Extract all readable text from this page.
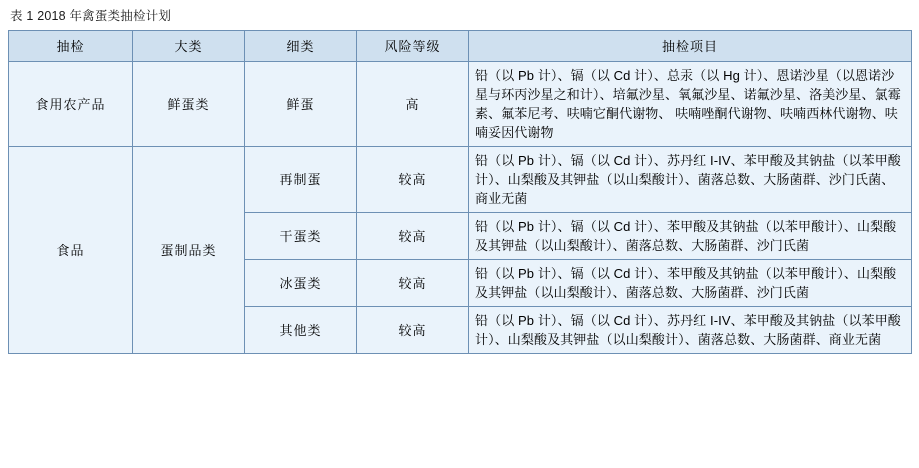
表 1 2018 年禽蛋类抽检计划
抽检	大类	细类	风险等级	抽检项目
食用农产品	鲜蛋类	鲜蛋	高	铅（以 Pb 计）、镉（以 Cd 计）、总汞（以 Hg 计）、恩诺沙星（以恩诺沙星与环丙沙星之和计）、培氟沙星、氧氟沙星、诺氟沙星、洛美沙星、氯霉素、氟苯尼考、呋喃它酮代谢物、 呋喃唑酮代谢物、呋喃西林代谢物、呋喃妥因代谢物
食品	蛋制品类	再制蛋	较高	铅（以 Pb 计）、镉（以 Cd 计）、苏丹红 I-IV、苯甲酸及其钠盐（以苯甲酸计）、山梨酸及其钾盐（以山梨酸计）、菌落总数、大肠菌群、沙门氏菌、商业无菌
		干蛋类	较高	铅（以 Pb 计）、镉（以 Cd 计）、苯甲酸及其钠盐（以苯甲酸计）、山梨酸及其钾盐（以山梨酸计）、菌落总数、大肠菌群、沙门氏菌
		冰蛋类	较高	铅（以 Pb 计）、镉（以 Cd 计）、苯甲酸及其钠盐（以苯甲酸计）、山梨酸及其钾盐（以山梨酸计）、菌落总数、大肠菌群、沙门氏菌
		其他类	较高	铅（以 Pb 计）、镉（以 Cd 计）、苏丹红 I-IV、苯甲酸及其钠盐（以苯甲酸计）、山梨酸及其钾盐（以山梨酸计）、菌落总数、大肠菌群、商业无菌
